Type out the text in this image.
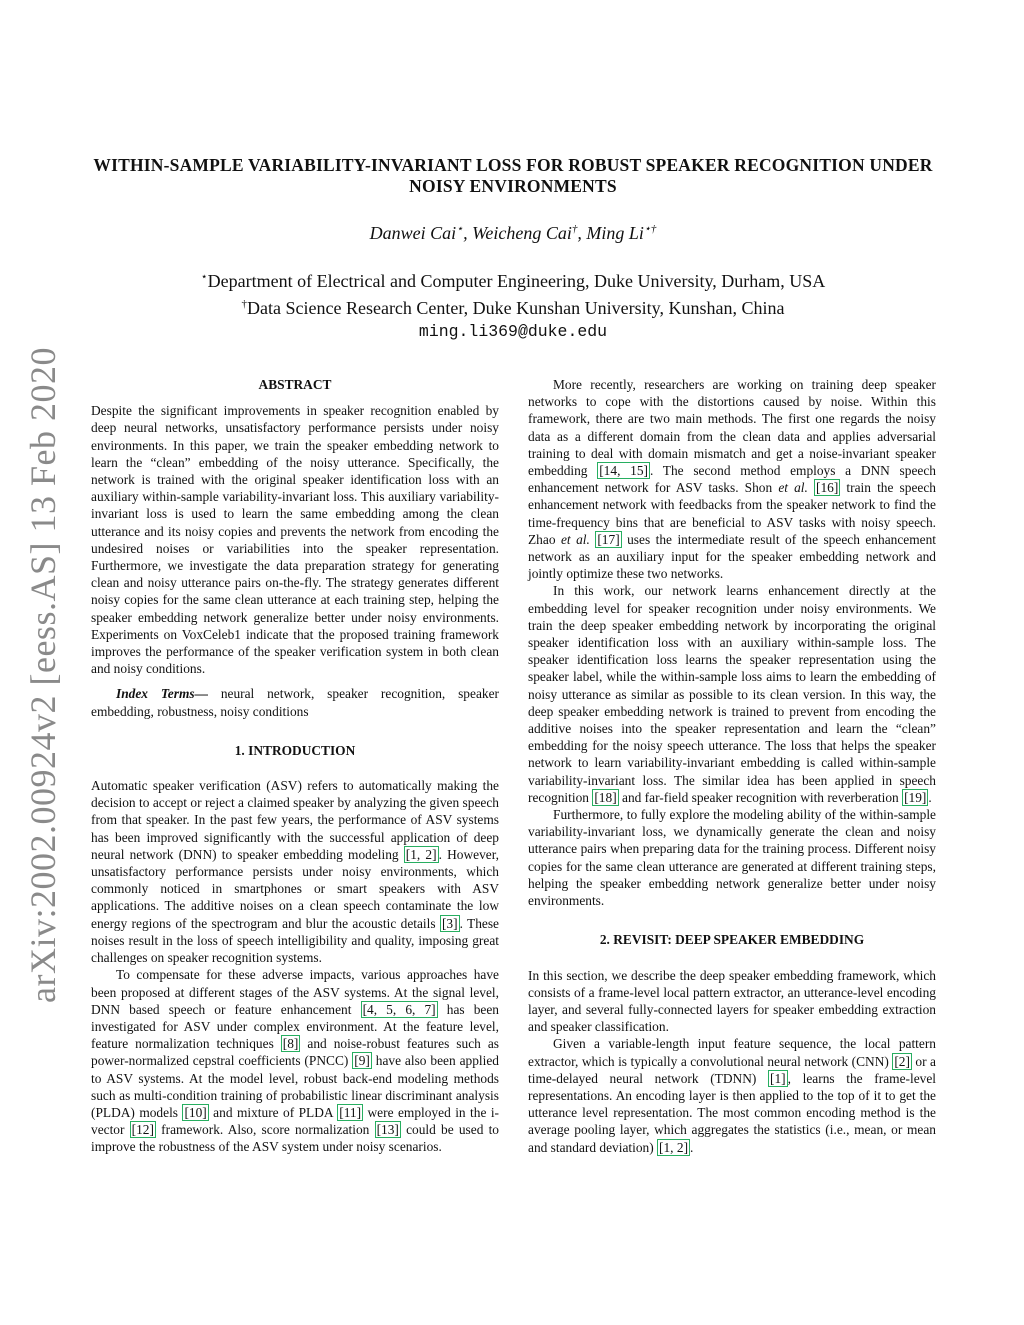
arXiv:2002.00924v2 [eess.AS] 13 Feb 2020
WITHIN-SAMPLE VARIABILITY-INVARIANT LOSS FOR ROBUST SPEAKER RECOGNITION UNDER NOISY ENVIRONMENTS
Danwei Cai⋆, Weicheng Cai†, Ming Li⋆†
⋆Department of Electrical and Computer Engineering, Duke University, Durham, USA
†Data Science Research Center, Duke Kunshan University, Kunshan, China
ming.li369@duke.edu
ABSTRACT

Despite the significant improvements in speaker recognition enabled by deep neural networks, unsatisfactory performance persists under noisy environments. In this paper, we train the speaker embedding network to learn the “clean” embedding of the noisy utterance. Specifically, the network is trained with the original speaker identification loss with an auxiliary within-sample variability-invariant loss. This auxiliary variability-invariant loss is used to learn the same embedding among the clean utterance and its noisy copies and prevents the network from encoding the undesired noises or variabilities into the speaker representation. Furthermore, we investigate the data preparation strategy for generating clean and noisy utterance pairs on-the-fly. The strategy generates different noisy copies for the same clean utterance at each training step, helping the speaker embedding network generalize better under noisy environments. Experiments on VoxCeleb1 indicate that the proposed training framework improves the performance of the speaker verification system in both clean and noisy conditions.

Index Terms— neural network, speaker recognition, speaker embedding, robustness, noisy conditions

1. INTRODUCTION

Automatic speaker verification (ASV) refers to automatically making the decision to accept or reject a claimed speaker by analyzing the given speech from that speaker. In the past few years, the performance of ASV systems has been improved significantly with the successful application of deep neural network (DNN) to speaker embedding modeling [1, 2] . However, unsatisfactory performance persists under noisy environments, which commonly noticed in smartphones or smart speakers with ASV applications. The additive noises on a clean speech contaminate the low energy regions of the spectrogram and blur the acoustic details [3] . These noises result in the loss of speech intelligibility and quality, imposing great challenges on speaker recognition systems.

To compensate for these adverse impacts, various approaches have been proposed at different stages of the ASV systems. At the signal level, DNN based speech or feature enhancement [4, 5, 6, 7] has been investigated for ASV under complex environment. At the feature level, feature normalization techniques [8] and noise-robust features such as power-normalized cepstral coefficients (PNCC) [9] have also been applied to ASV systems. At the model level, robust back-end modeling methods such as multi-condition training of probabilistic linear discriminant analysis (PLDA) models [10] and mixture of PLDA [11] were employed in the i-vector [12] framework. Also, score normalization [13] could be used to improve the robustness of the ASV system under noisy scenarios.

More recently, researchers are working on training deep speaker networks to cope with the distortions caused by noise. Within this framework, there are two main methods. The first one regards the noisy data as a different domain from the clean data and applies adversarial training to deal with domain mismatch and get a noise-invariant speaker embedding [14, 15] . The second method employs a DNN speech enhancement network for ASV tasks. Shon et al. [16] train the speech enhancement network with feedbacks from the speaker network to find the time-frequency bins that are beneficial to ASV tasks with noisy speech. Zhao et al. [17] uses the intermediate result of the speech enhancement network as an auxiliary input for the speaker embedding network and jointly optimize these two networks.

In this work, our network learns enhancement directly at the embedding level for speaker recognition under noisy environments. We train the deep speaker embedding network by incorporating the original speaker identification loss with an auxiliary within-sample loss. The speaker identification loss learns the speaker representation using the speaker label, while the within-sample loss aims to learn the embedding of noisy utterance as similar as possible to its clean version. In this way, the deep speaker embedding network is trained to prevent from encoding the additive noises into the speaker representation and learn the “clean” embedding for the noisy speech utterance. The loss that helps the speaker network to learn variability-invariant embedding is called within-sample variability-invariant loss. The similar idea has been applied in speech recognition [18] and far-field speaker recognition with reverberation [19] .

Furthermore, to fully explore the modeling ability of the within-sample variability-invariant loss, we dynamically generate the clean and noisy utterance pairs when preparing data for the training process. Different noisy copies for the same clean utterance are generated at different training steps, helping the speaker embedding network generalize better under noisy environments.

2. REVISIT: DEEP SPEAKER EMBEDDING

In this section, we describe the deep speaker embedding framework, which consists of a frame-level local pattern extractor, an utterance-level encoding layer, and several fully-connected layers for speaker embedding extraction and speaker classification.

Given a variable-length input feature sequence, the local pattern extractor, which is typically a convolutional neural network (CNN) [2] or a time-delayed neural network (TDNN) [1] , learns the frame-level representations. An encoding layer is then applied to the top of it to get the utterance level representation. The most common encoding method is the average pooling layer, which aggregates the statistics (i.e., mean, or mean and standard deviation) [1, 2] .
